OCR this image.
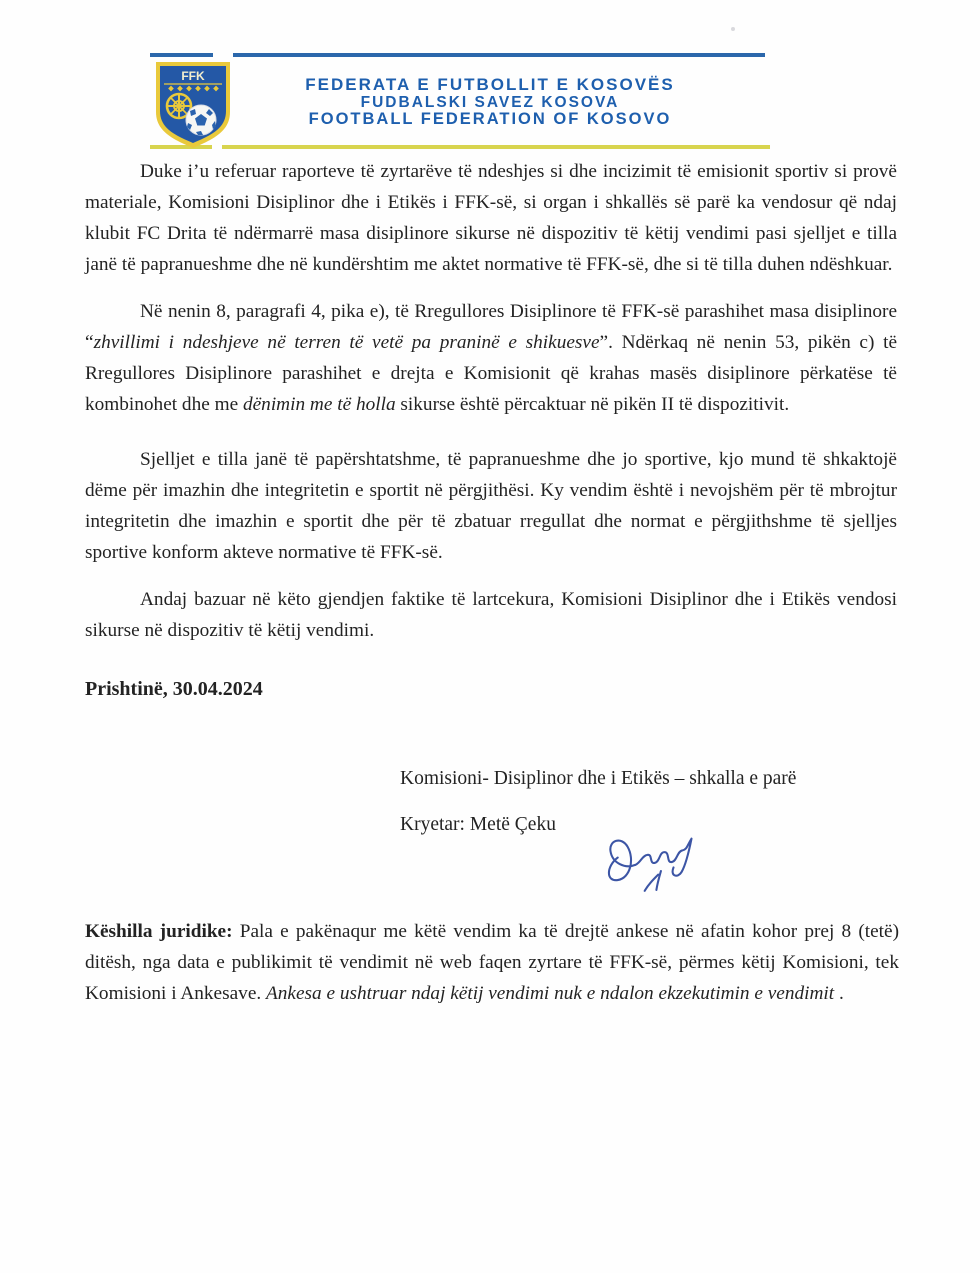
FFK	FEDERATA E FUTBOLLIT E KOSOVËS
FUDBALSKI SAVEZ KOSOVA
FOOTBALL FEDERATION OF KOSOVO

Duke i’u referuar raporteve të zyrtarëve të ndeshjes si dhe incizimit të emisionit sportiv si provë materiale, Komisioni Disiplinor dhe i Etikës i FFK-së, si organ i shkallës së parë ka vendosur që ndaj klubit FC Drita të ndërmarrë masa disiplinore sikurse në dispozitiv të këtij vendimi pasi sjelljet e tilla janë të papranueshme dhe në kundërshtim me aktet normative të FFK-së, dhe si të tilla duhen ndëshkuar.

Në nenin 8, paragrafi 4, pika e), të Rregullores Disiplinore të FFK-së parashihet masa disiplinore “zhvillimi i ndeshjeve në terren të vetë pa praninë e shikuesve”. Ndërkaq në nenin 53, pikën c) të Rregullores Disiplinore parashihet e drejta e Komisionit që krahas masës disiplinore përkatëse të kombinohet dhe me dënimin me të holla sikurse është përcaktuar në pikën II të dispozitivit.

Sjelljet e tilla janë të papërshtatshme, të papranueshme dhe jo sportive, kjo mund të shkaktojë dëme për imazhin dhe integritetin e sportit në përgjithësi. Ky vendim është i nevojshëm për të mbrojtur integritetin dhe imazhin e sportit dhe për të zbatuar rregullat dhe normat e përgjithshme të sjelljes sportive konform akteve normative të FFK-së.

Andaj bazuar në këto gjendjen faktike të lartcekura, Komisioni Disiplinor dhe i Etikës vendosi sikurse në dispozitiv të këtij vendimi.

Prishtinë, 30.04.2024
Komisioni- Disiplinor dhe i Etikës – shkalla e parë
Kryetar: Metë Çeku
Këshilla juridike: Pala e pakënaqur me këtë vendim ka të drejtë ankese në afatin kohor prej 8 (tetë) ditësh, nga data e publikimit të vendimit në web faqen zyrtare të FFK-së, përmes këtij Komisioni, tek Komisioni i Ankesave. Ankesa e ushtruar ndaj këtij vendimi nuk e ndalon ekzekutimin e vendimit .
